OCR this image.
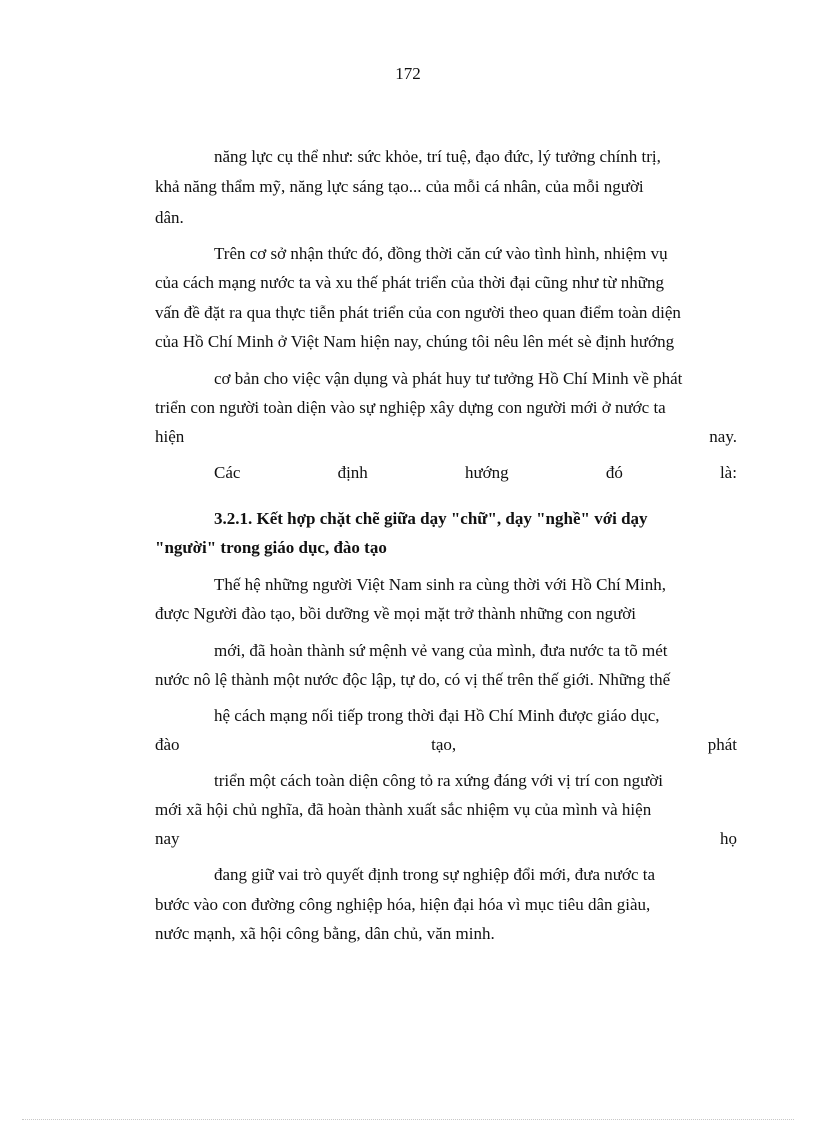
172
năng lực cụ thể như: sức khỏe, trí tuệ, đạo đức, lý tưởng chính trị,
khả năng thẩm mỹ, năng lực sáng tạo... của mỗi cá nhân, của mỗi người
dân.
Trên cơ sở nhận thức đó, đồng thời căn cứ vào tình hình, nhiệm vụ
của cách mạng nước ta và xu thế phát triển của thời đại cũng như từ những
vấn đề đặt ra qua thực tiễn phát triển của con người theo quan điểm toàn diện
của Hồ Chí Minh ở Việt Nam hiện nay, chúng tôi nêu lên mét sè định hướng
cơ bản cho việc vận dụng và phát huy tư tưởng Hồ Chí Minh về phát
triển con người toàn diện vào sự nghiệp xây dựng con người mới ở nước ta
hiện	nay.
Các	định	hướng	đó	là:
3.2.1. Kết hợp chặt chẽ giữa dạy "chữ", dạy "nghề" với dạy
"người" trong giáo dục, đào tạo
Thế hệ những người Việt Nam sinh ra cùng thời với Hồ Chí Minh,
được Người đào tạo, bồi dưỡng về mọi mặt trở thành những con người
mới, đã hoàn thành sứ mệnh vẻ vang của mình, đưa nước ta tõ mét
nước nô lệ thành một nước độc lập, tự do, có vị thế trên thế giới. Những thế
hệ cách mạng nối tiếp trong thời đại Hồ Chí Minh được giáo dục,
đào	tạo,	phát
triển một cách toàn diện công tỏ ra xứng đáng với vị trí con người
mới xã hội chủ nghĩa, đã hoàn thành xuất sắc nhiệm vụ của mình và hiện
nay	họ
đang giữ vai trò quyết định trong sự nghiệp đổi mới, đưa nước ta
bước vào con đường công nghiệp hóa, hiện đại hóa vì mục tiêu dân giàu,
nước mạnh, xã hội công bằng, dân chủ, văn minh.
